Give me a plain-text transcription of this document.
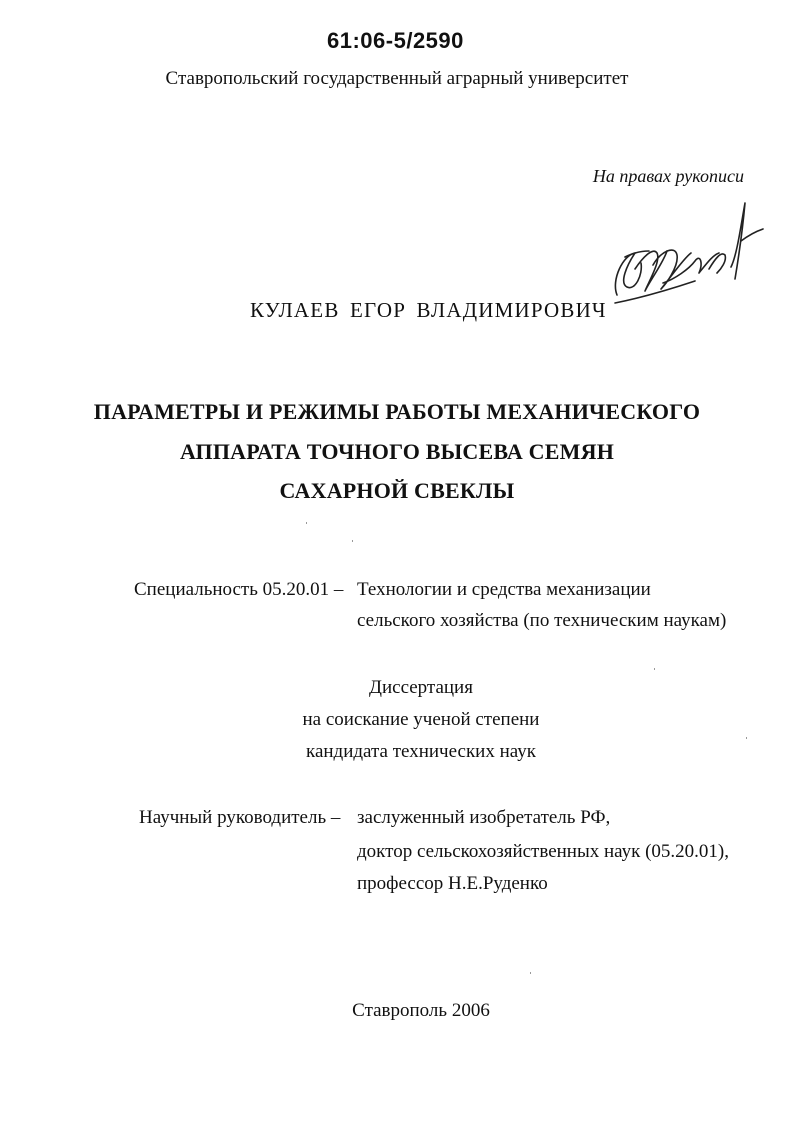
61:06-5/2590
Ставропольский государственный аграрный университет
На правах рукописи
КУЛАЕВ ЕГОР ВЛАДИМИРОВИЧ
ПАРАМЕТРЫ И РЕЖИМЫ РАБОТЫ МЕХАНИЧЕСКОГО
АППАРАТА ТОЧНОГО ВЫСЕВА СЕМЯН
САХАРНОЙ СВЕКЛЫ
Специальность 05.20.01 – Технологии и средства механизации
сельского хозяйства (по техническим наукам)
Диссертация
на соискание ученой степени
кандидата технических наук
Научный руководитель – заслуженный изобретатель РФ,
доктор сельскохозяйственных наук (05.20.01),
профессор Н.Е.Руденко
Ставрополь 2006
